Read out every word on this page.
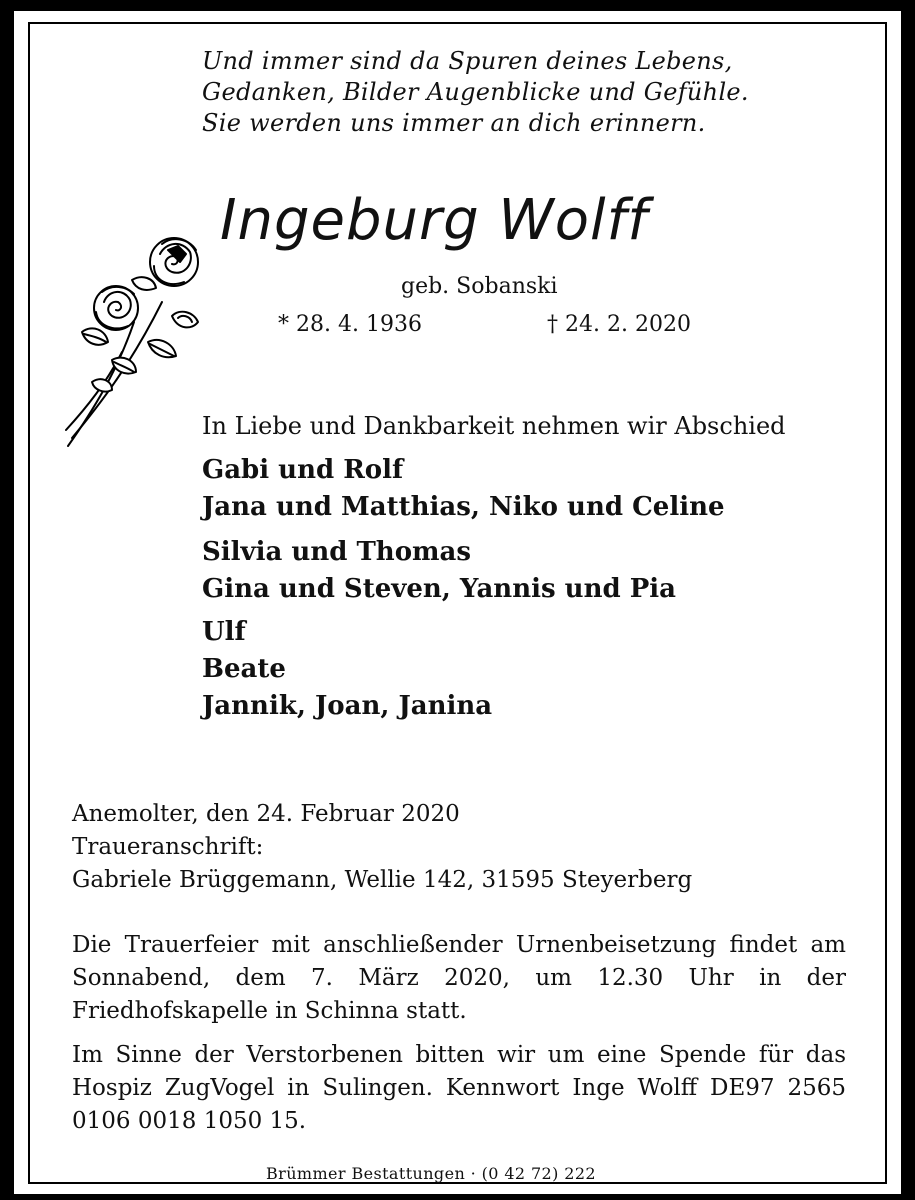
Und immer sind da Spuren deines Lebens,
Gedanken, Bilder Augenblicke und Gefühle.
Sie werden uns immer an dich erinnern.
Ingeburg Wolff
geb. Sobanski
* 28. 4. 1936	† 24. 2. 2020
In Liebe und Dankbarkeit nehmen wir Abschied
Gabi und Rolf
Jana und Matthias, Niko und Celine
Silvia und Thomas
Gina und Steven, Yannis und Pia
Ulf
Beate
Jannik, Joan, Janina
Anemolter, den 24. Februar 2020
Traueranschrift:
Gabriele Brüggemann, Wellie 142, 31595 Steyerberg
Die Trauerfeier mit anschließender Urnenbeisetzung findet am Sonnabend, dem 7. März 2020, um 12.30 Uhr in der Friedhofskapelle in Schinna statt.
Im Sinne der Verstorbenen bitten wir um eine Spende für das Hospiz ZugVogel in Sulingen. Kennwort Inge Wolff DE97 2565 0106 0018 1050 15.
Brümmer Bestattungen · (0 42 72) 222
